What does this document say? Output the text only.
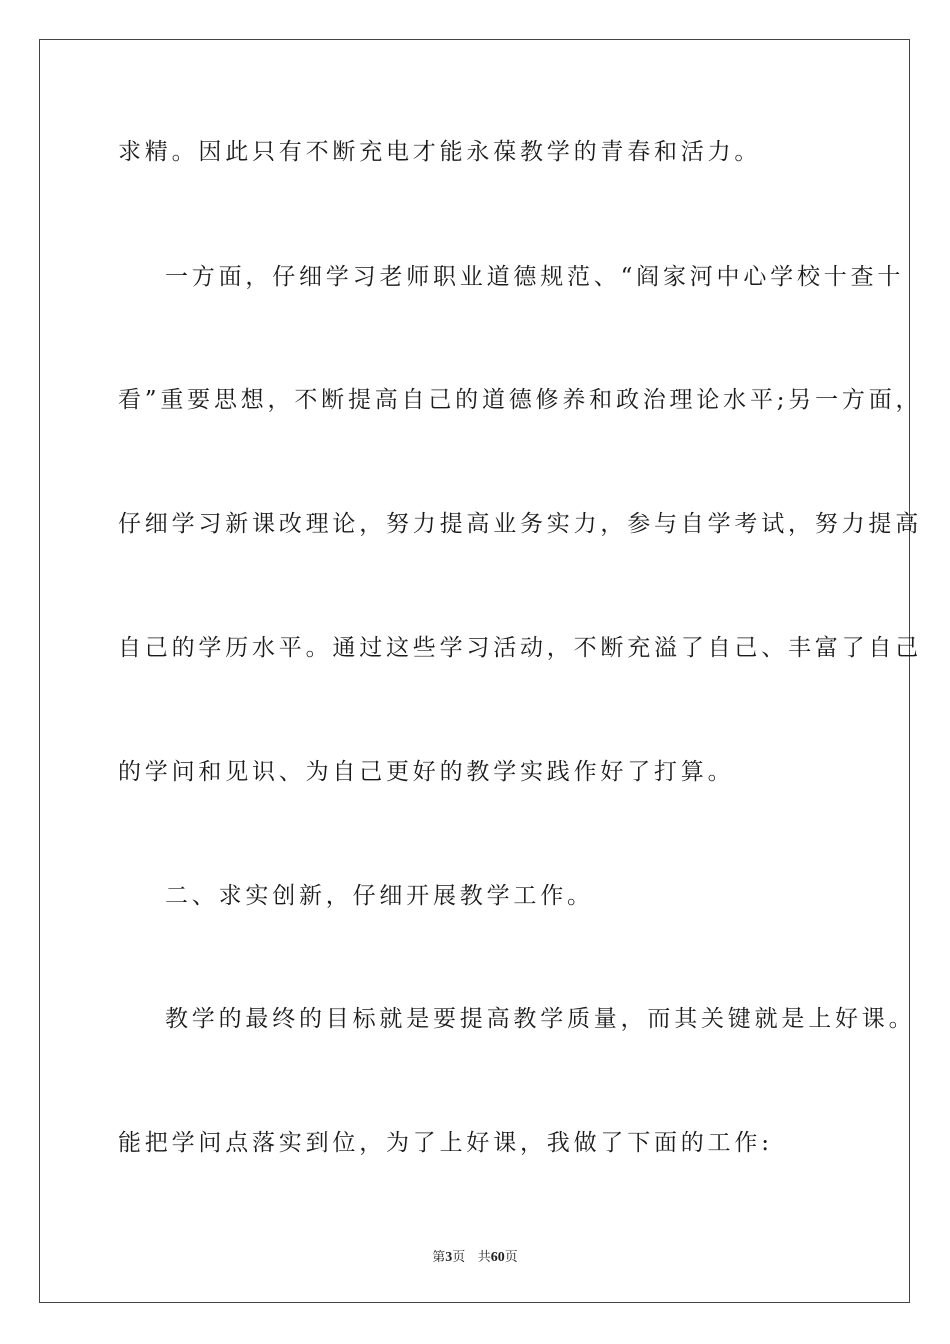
求精。因此只有不断充电才能永葆教学的青春和活力。
一方面，仔细学习老师职业道德规范、“阎家河中心学校十查十
看”重要思想，不断提高自己的道德修养和政治理论水平;另一方面，
仔细学习新课改理论，努力提高业务实力，参与自学考试，努力提高
自己的学历水平。通过这些学习活动，不断充溢了自己、丰富了自己
的学问和见识、为自己更好的教学实践作好了打算。
二、求实创新，仔细开展教学工作。
教学的最终的目标就是要提高教学质量，而其关键就是上好课。
能把学问点落实到位，为了上好课，我做了下面的工作:
第3页 共60页
